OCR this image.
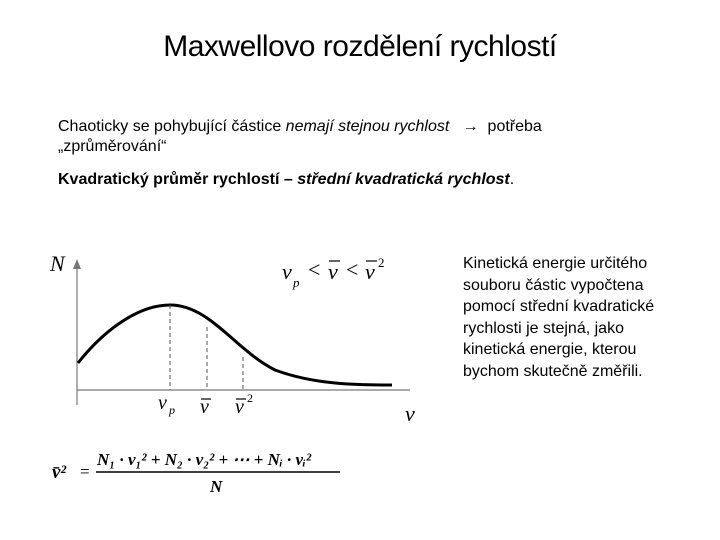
Maxwellovo rozdělení rychlostí
Chaoticky se pohybující částice nemají stejnou rychlost → potřeba
„zprůměrování“
Kvadratický průměr rychlostí – střední kvadratická rychlost.
N
v
v p
< v < v 2
v p v v 2
Kinetická energie určitého souboru částic vypočtena pomocí střední kvadratické rychlosti je stejná, jako kinetická energie, kterou bychom skutečně změřili.
v̄² =
N₁ · v₁² + N₂ · v₂² + ⋯ + Nᵢ · vᵢ²
N
